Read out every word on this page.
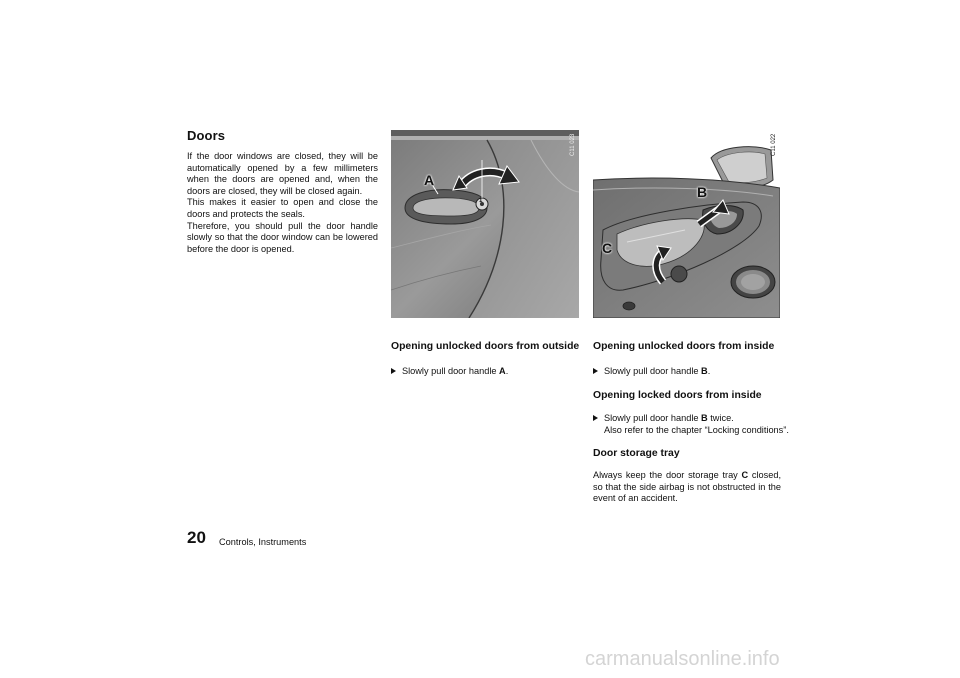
Doors

If the door windows are closed, they will be automatically opened by a few millimeters when the doors are opened and, when the doors are closed, they will be closed again.

This makes it easier to open and close the doors and protects the seals.

Therefore, you should pull the door handle slowly so that the door window can be lowered before the door is opened.

C11 023
A
1
C11 022
B
C
Opening unlocked doors from outside
Slowly pull door handle A.
Opening unlocked doors from inside
Slowly pull door handle B.
Opening locked doors from inside
Slowly pull door handle B twice.
Also refer to the chapter “Locking conditions”.
Door storage tray
Always keep the door storage tray C closed, so that the side airbag is not obstructed in the event of an accident.
20 Controls, Instruments
carmanualsonline.info
